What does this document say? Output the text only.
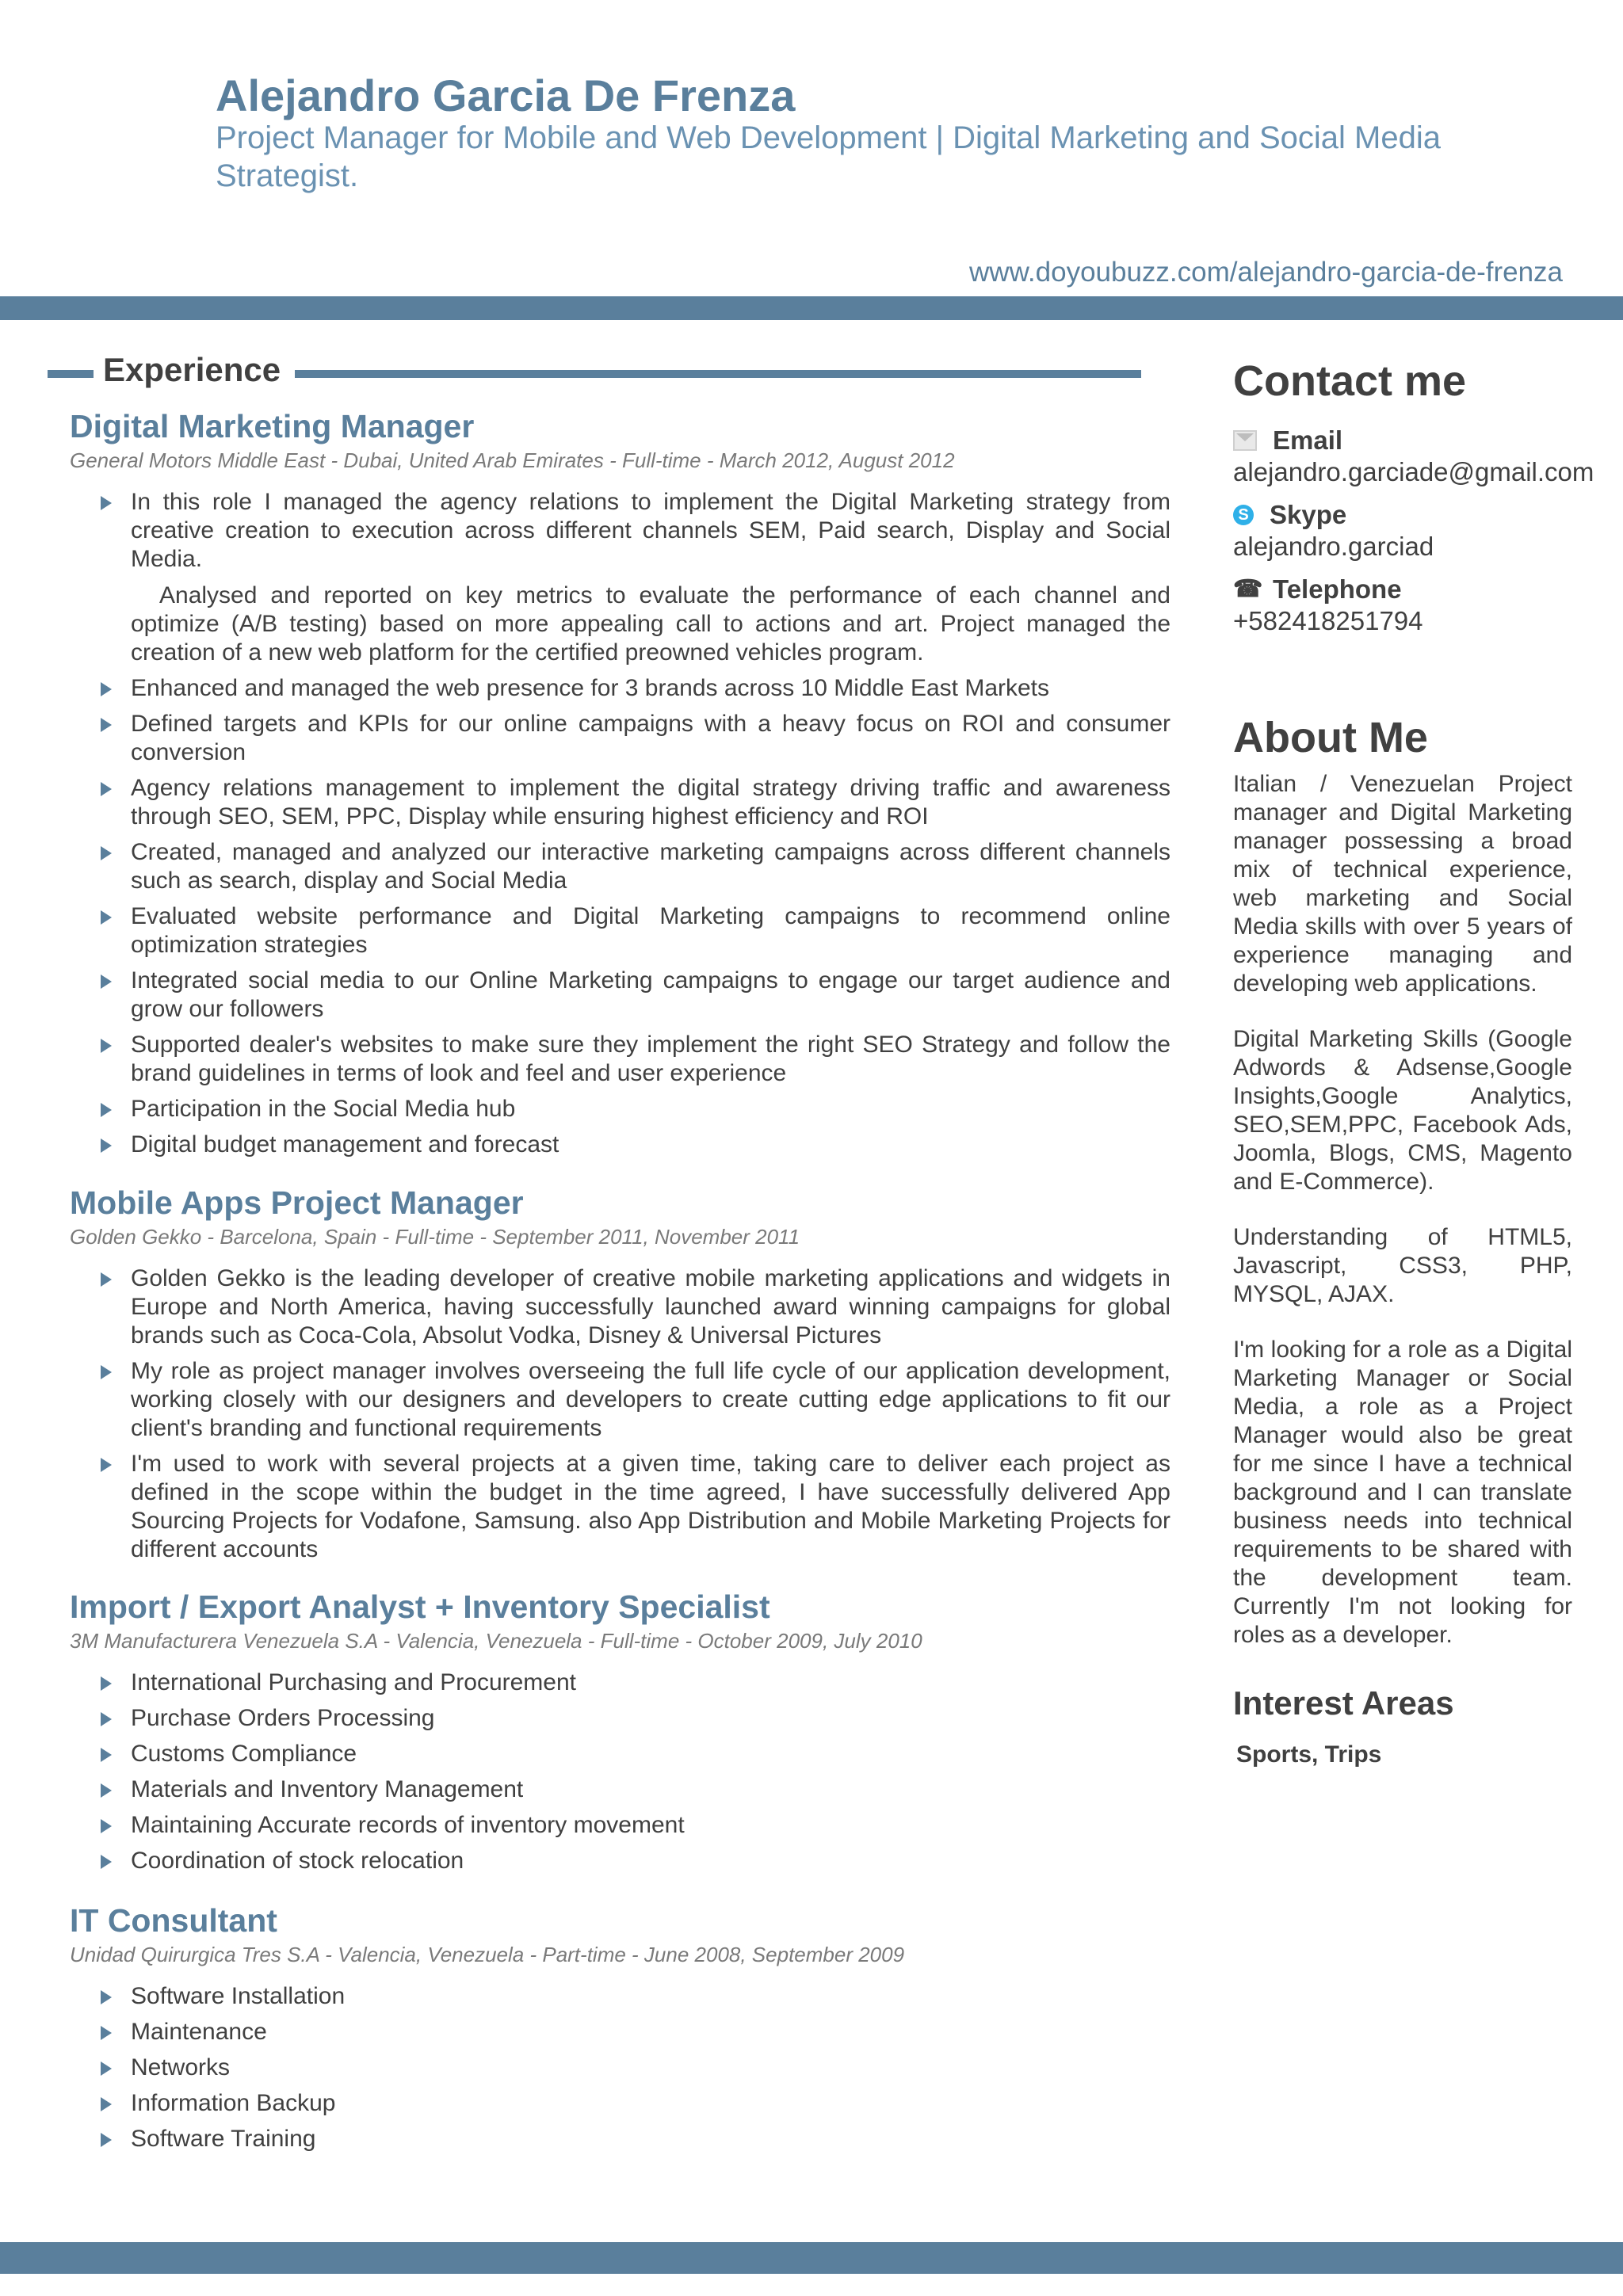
Alejandro Garcia De Frenza

Project Manager for Mobile and Web Development | Digital Marketing and Social Media Strategist.

www.doyoubuzz.com/alejandro-garcia-de-frenza
Experience
Digital Marketing Manager

General Motors Middle East - Dubai, United Arab Emirates - Full-time - March 2012, August 2012

In this role I managed the agency relations to implement the Digital Marketing strategy from creative creation to execution across different channels SEM, Paid search, Display and Social Media.
Analysed and reported on key metrics to evaluate the performance of each channel and optimize (A/B testing) based on more appealing call to actions and art. Project managed the creation of a new web platform for the certified preowned vehicles program.
Enhanced and managed the web presence for 3 brands across 10 Middle East Markets
Defined targets and KPIs for our online campaigns with a heavy focus on ROI and consumer conversion
Agency relations management to implement the digital strategy driving traffic and awareness through SEO, SEM, PPC, Display while ensuring highest efficiency and ROI
Created, managed and analyzed our interactive marketing campaigns across different channels such as search, display and Social Media
Evaluated website performance and Digital Marketing campaigns to recommend online optimization strategies
Integrated social media to our Online Marketing campaigns to engage our target audience and grow our followers
Supported dealer's websites to make sure they implement the right SEO Strategy and follow the brand guidelines in terms of look and feel and user experience
Participation in the Social Media hub
Digital budget management and forecast
Mobile Apps Project Manager

Golden Gekko - Barcelona, Spain - Full-time - September 2011, November 2011

Golden Gekko is the leading developer of creative mobile marketing applications and widgets in Europe and North America, having successfully launched award winning campaigns for global brands such as Coca-Cola, Absolut Vodka, Disney & Universal Pictures
My role as project manager involves overseeing the full life cycle of our application development, working closely with our designers and developers to create cutting edge applications to fit our client's branding and functional requirements
I'm used to work with several projects at a given time, taking care to deliver each project as defined in the scope within the budget in the time agreed, I have successfully delivered App Sourcing Projects for Vodafone, Samsung. also App Distribution and Mobile Marketing Projects for different accounts
Import / Export Analyst + Inventory Specialist

3M Manufacturera Venezuela S.A - Valencia, Venezuela - Full-time - October 2009, July 2010

International Purchasing and Procurement
Purchase Orders Processing
Customs Compliance
Materials and Inventory Management
Maintaining Accurate records of inventory movement
Coordination of stock relocation
IT Consultant

Unidad Quirurgica Tres S.A - Valencia, Venezuela - Part-time - June 2008, September 2009

Software Installation
Maintenance
Networks
Information Backup
Software Training
Contact me
Email
alejandro.garciade@gmail.com
S Skype
alejandro.garciad
☎ Telephone
+582418251794
About Me

Italian / Venezuelan Project manager and Digital Marketing manager possessing a broad mix of technical experience, web marketing and Social Media skills with over 5 years of experience managing and developing web applications.

Digital Marketing Skills (Google Adwords & Adsense,Google Insights,Google Analytics, SEO,SEM,PPC, Facebook Ads, Joomla, Blogs, CMS, Magento and E-Commerce).

Understanding of HTML5, Javascript, CSS3, PHP, MYSQL, AJAX.

I'm looking for a role as a Digital Marketing Manager or Social Media, a role as a Project Manager would also be great for me since I have a technical background and I can translate business needs into technical requirements to be shared with the development team. Currently I'm not looking for roles as a developer.

Interest Areas
Sports, Trips
